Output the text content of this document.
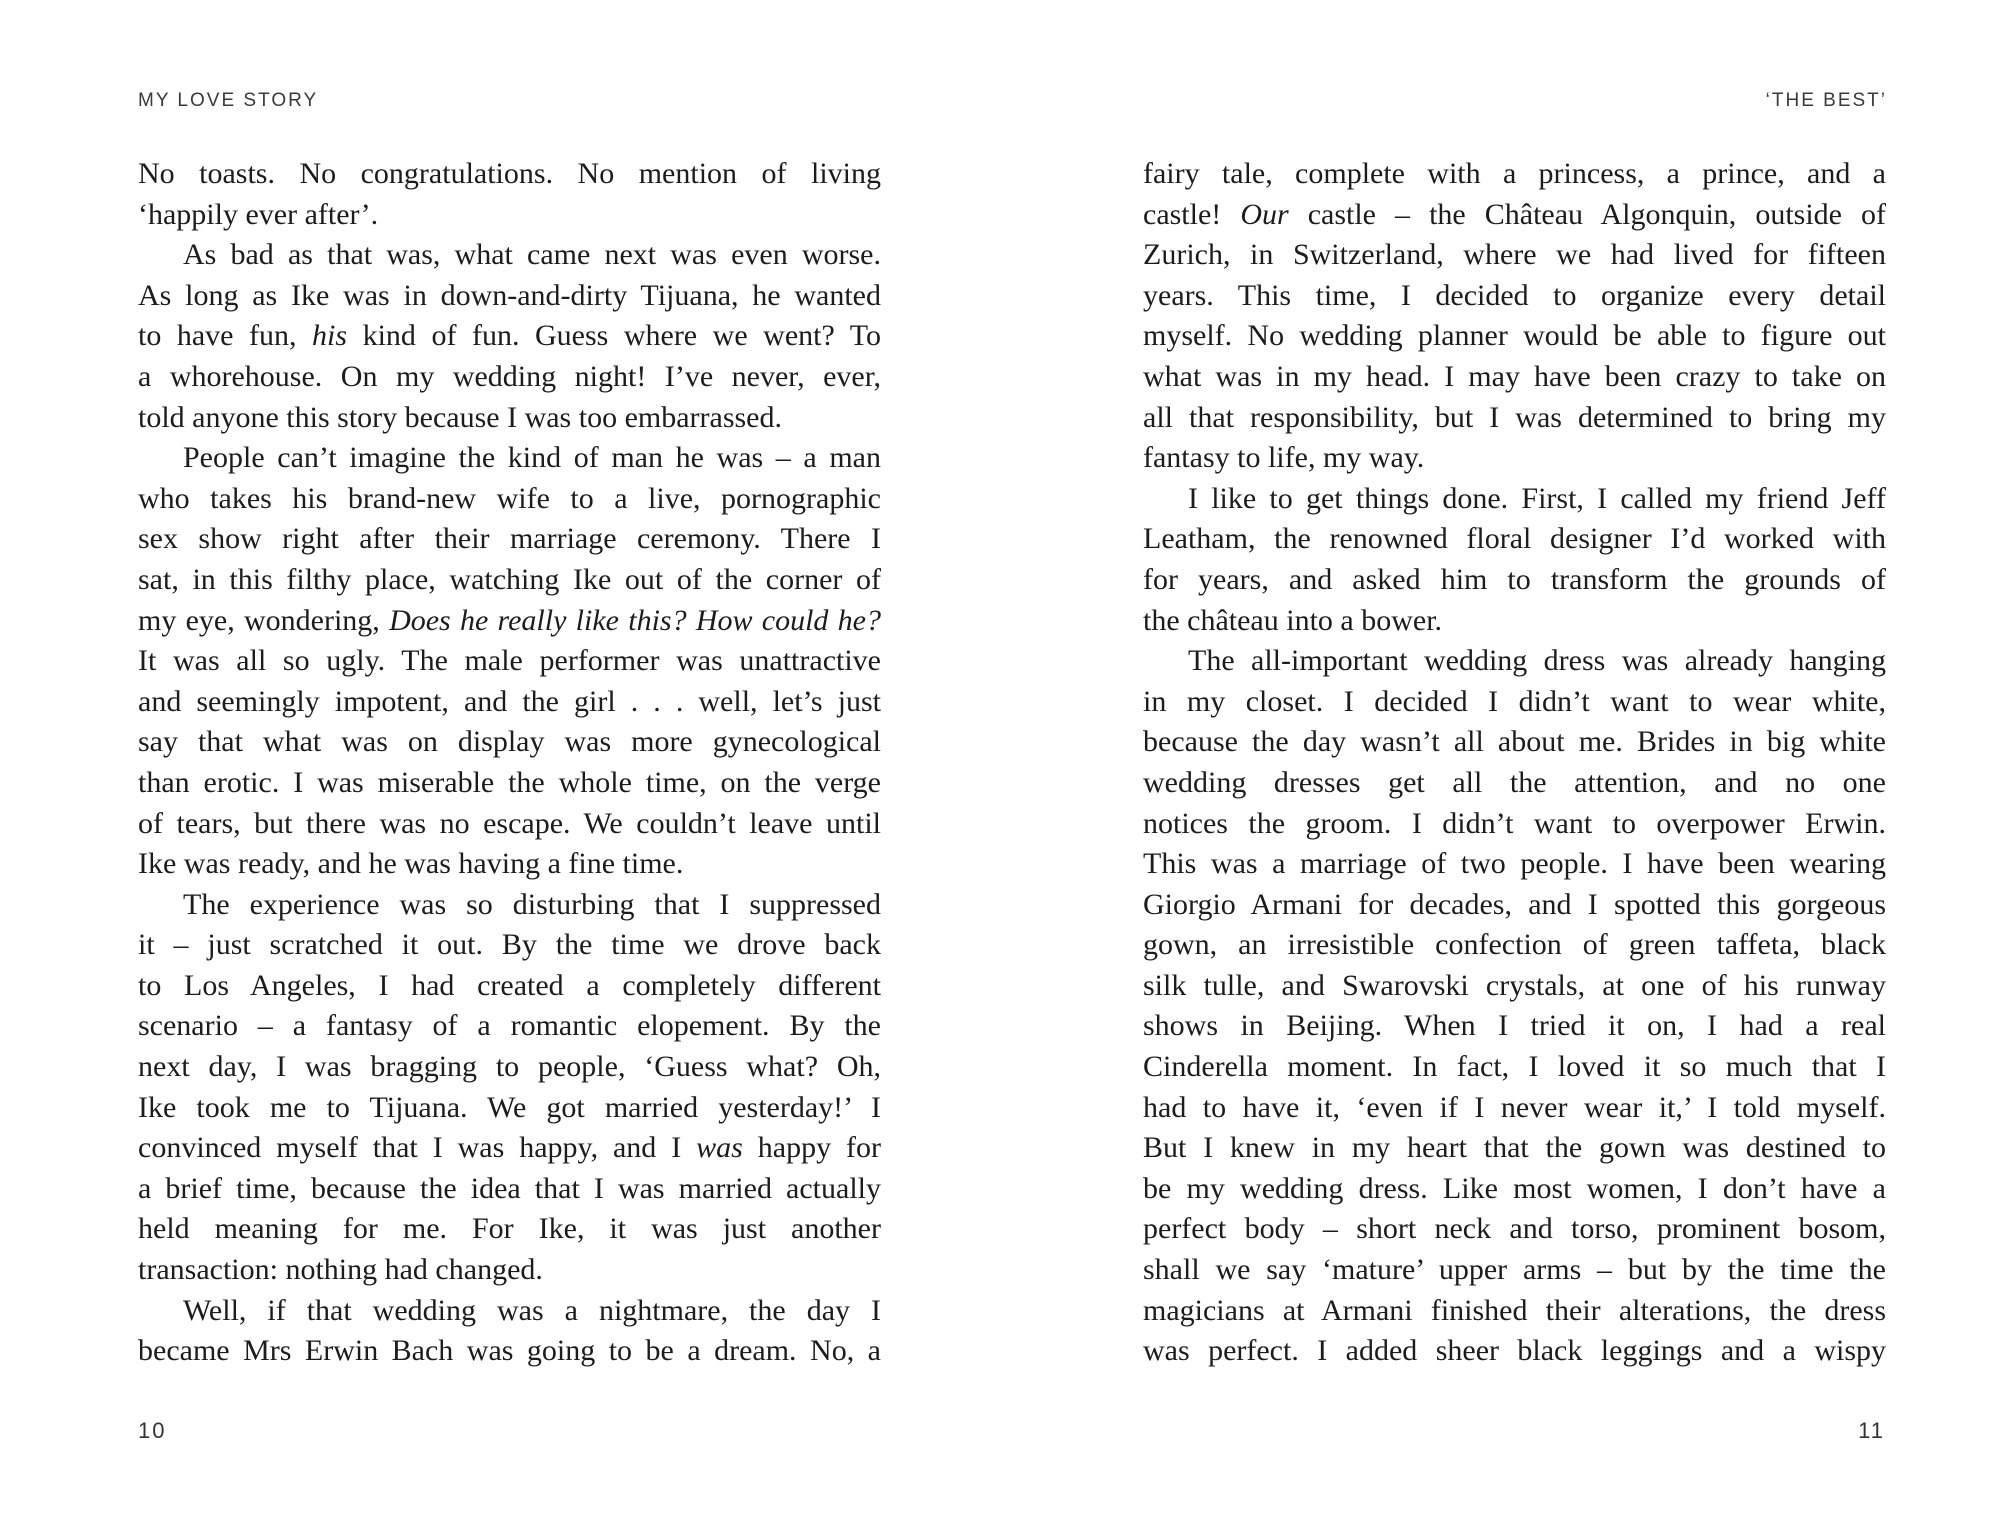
MY LOVE STORY
No toasts. No congratulations. No mention of living
‘happily ever after’.
As bad as that was, what came next was even worse.
As long as Ike was in down-and-dirty Tijuana, he wanted
to have fun, his kind of fun. Guess where we went? To
a whorehouse. On my wedding night! I’ve never, ever,
told anyone this story because I was too embarrassed.
People can’t imagine the kind of man he was – a man
who takes his brand-new wife to a live, pornographic
sex show right after their marriage ceremony. There I
sat, in this filthy place, watching Ike out of the corner of
my eye, wondering, Does he really like this? How could he?
It was all so ugly. The male performer was unattractive
and seemingly impotent, and the girl . . . well, let’s just
say that what was on display was more gynecological
than erotic. I was miserable the whole time, on the verge
of tears, but there was no escape. We couldn’t leave until
Ike was ready, and he was having a fine time.
The experience was so disturbing that I suppressed
it – just scratched it out. By the time we drove back
to Los Angeles, I had created a completely different
scenario – a fantasy of a romantic elopement. By the
next day, I was bragging to people, ‘Guess what? Oh,
Ike took me to Tijuana. We got married yesterday!’ I
convinced myself that I was happy, and I was happy for
a brief time, because the idea that I was married actually
held meaning for me. For Ike, it was just another
transaction: nothing had changed.
Well, if that wedding was a nightmare, the day I
became Mrs Erwin Bach was going to be a dream. No, a
10
‘THE BEST’
fairy tale, complete with a princess, a prince, and a
castle! Our castle – the Château Algonquin, outside of
Zurich, in Switzerland, where we had lived for fifteen
years. This time, I decided to organize every detail
myself. No wedding planner would be able to figure out
what was in my head. I may have been crazy to take on
all that responsibility, but I was determined to bring my
fantasy to life, my way.
I like to get things done. First, I called my friend Jeff
Leatham, the renowned floral designer I’d worked with
for years, and asked him to transform the grounds of
the château into a bower.
The all-important wedding dress was already hanging
in my closet. I decided I didn’t want to wear white,
because the day wasn’t all about me. Brides in big white
wedding dresses get all the attention, and no one
notices the groom. I didn’t want to overpower Erwin.
This was a marriage of two people. I have been wearing
Giorgio Armani for decades, and I spotted this gorgeous
gown, an irresistible confection of green taffeta, black
silk tulle, and Swarovski crystals, at one of his runway
shows in Beijing. When I tried it on, I had a real
Cinderella moment. In fact, I loved it so much that I
had to have it, ‘even if I never wear it,’ I told myself.
But I knew in my heart that the gown was destined to
be my wedding dress. Like most women, I don’t have a
perfect body – short neck and torso, prominent bosom,
shall we say ‘mature’ upper arms – but by the time the
magicians at Armani finished their alterations, the dress
was perfect. I added sheer black leggings and a wispy
11
